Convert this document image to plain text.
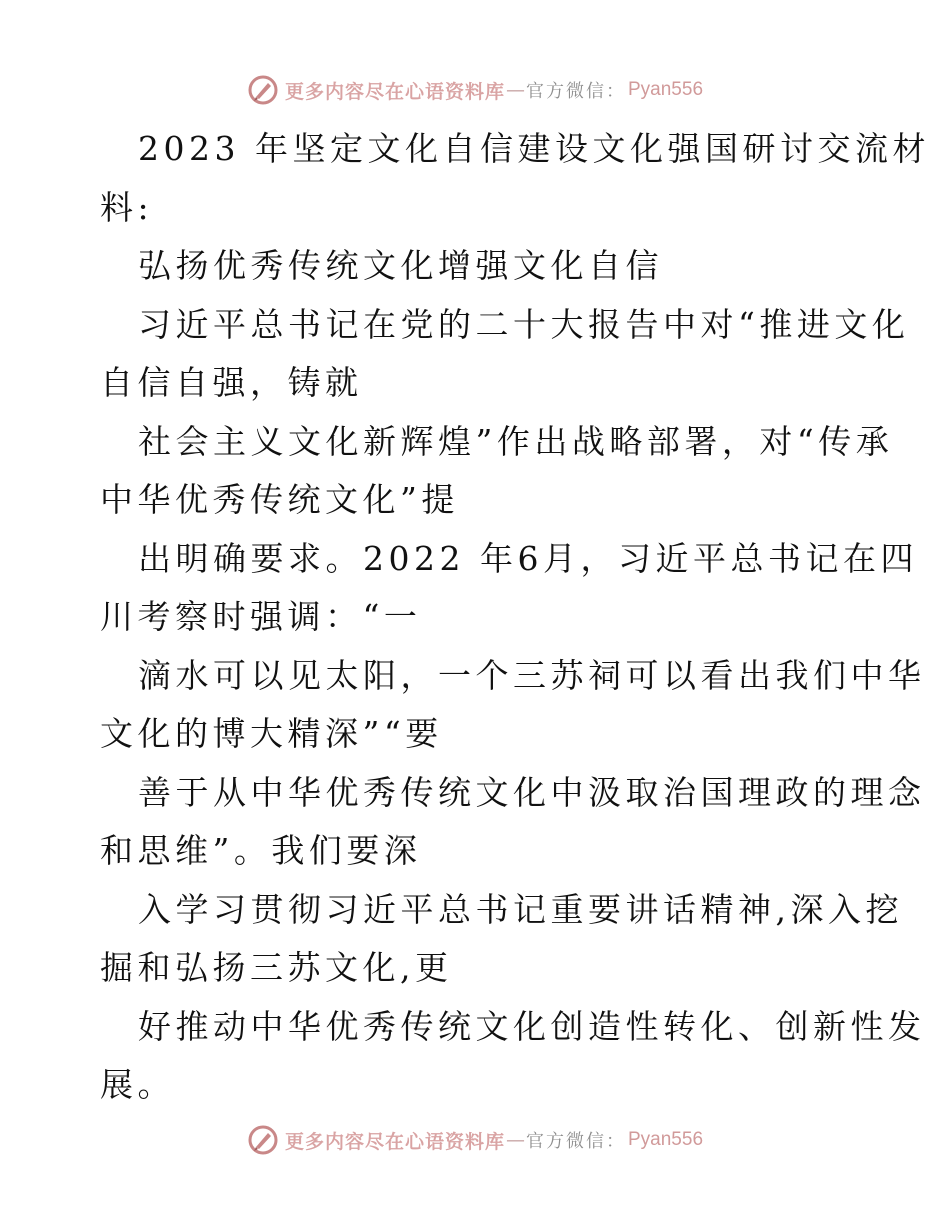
更多内容尽在心语资料库 — 官方微信： Pyan556
2023 年坚定文化自信建设文化强国研讨交流材
料:
弘扬优秀传统文化增强文化自信
习近平总书记在党的二十大报告中对“推进文化
自信自强，铸就
社会主义文化新辉煌”作出战略部署，对“传承
中华优秀传统文化”提
出明确要求。2022 年6月，习近平总书记在四
川考察时强调：“一
滴水可以见太阳，一个三苏祠可以看出我们中华
文化的博大精深”“要
善于从中华优秀传统文化中汲取治国理政的理念
和思维”。我们要深
入学习贯彻习近平总书记重要讲话精神,深入挖
掘和弘扬三苏文化,更
好推动中华优秀传统文化创造性转化、创新性发
展。
更多内容尽在心语资料库 — 官方微信： Pyan556
